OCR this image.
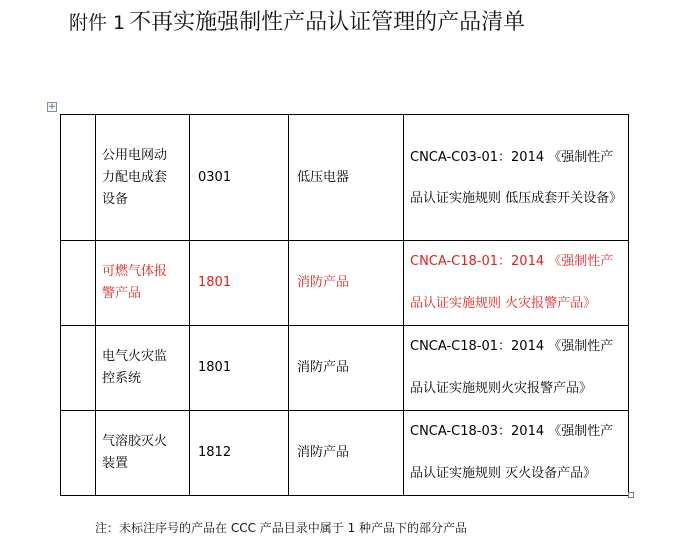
附件 1 不再实施强制性产品认证管理的产品清单
+
	公用电网动力配电成套设备	0301	低压电器	CNCA-C03-01：2014 《强制性产品认证实施规则 低压成套开关设备》
	可燃气体报警产品	1801	消防产品	CNCA-C18-01：2014 《强制性产品认证实施规则 火灾报警产品》
	电气火灾监控系统	1801	消防产品	CNCA-C18-01：2014 《强制性产品认证实施规则火灾报警产品》
	气溶胶灭火装置	1812	消防产品	CNCA-C18-03：2014 《强制性产品认证实施规则 灭火设备产品》
注：未标注序号的产品在 CCC 产品目录中属于 1 种产品下的部分产品
